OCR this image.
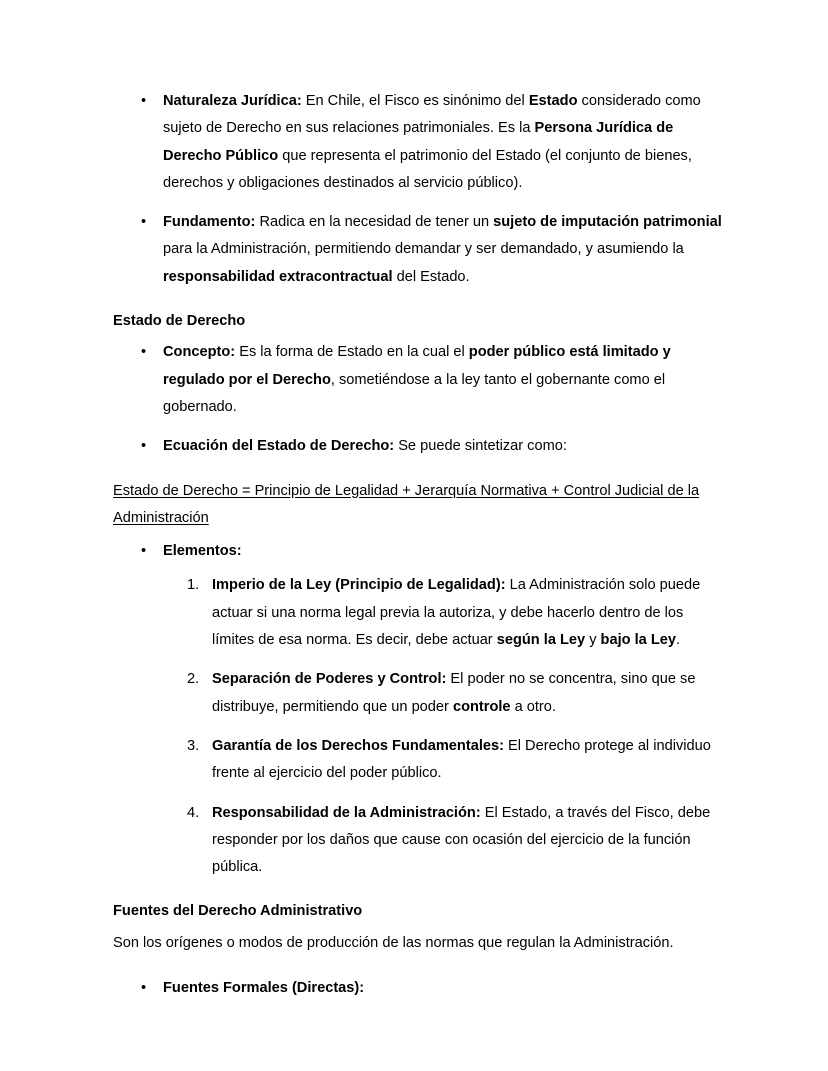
•	Naturaleza Jurídica: En Chile, el Fisco es sinónimo del Estado considerado como sujeto de Derecho en sus relaciones patrimoniales. Es la Persona Jurídica de Derecho Público que representa el patrimonio del Estado (el conjunto de bienes, derechos y obligaciones destinados al servicio público).
•	Fundamento: Radica en la necesidad de tener un sujeto de imputación patrimonial para la Administración, permitiendo demandar y ser demandado, y asumiendo la responsabilidad extracontractual del Estado.

Estado de Derecho

•	Concepto: Es la forma de Estado en la cual el poder público está limitado y regulado por el Derecho, sometiéndose a la ley tanto el gobernante como el gobernado.
•	Ecuación del Estado de Derecho: Se puede sintetizar como:

Estado de Derecho = Principio de Legalidad + Jerarquía Normativa + Control Judicial de la Administración

•	Elementos:
1. Imperio de la Ley (Principio de Legalidad): La Administración solo puede actuar si una norma legal previa la autoriza, y debe hacerlo dentro de los límites de esa norma. Es decir, debe actuar según la Ley y bajo la Ley.
2. Separación de Poderes y Control: El poder no se concentra, sino que se distribuye, permitiendo que un poder controle a otro.
3. Garantía de los Derechos Fundamentales: El Derecho protege al individuo frente al ejercicio del poder público.
4. Responsabilidad de la Administración: El Estado, a través del Fisco, debe responder por los daños que cause con ocasión del ejercicio de la función pública.

Fuentes del Derecho Administrativo

Son los orígenes o modos de producción de las normas que regulan la Administración.

•	Fuentes Formales (Directas):
